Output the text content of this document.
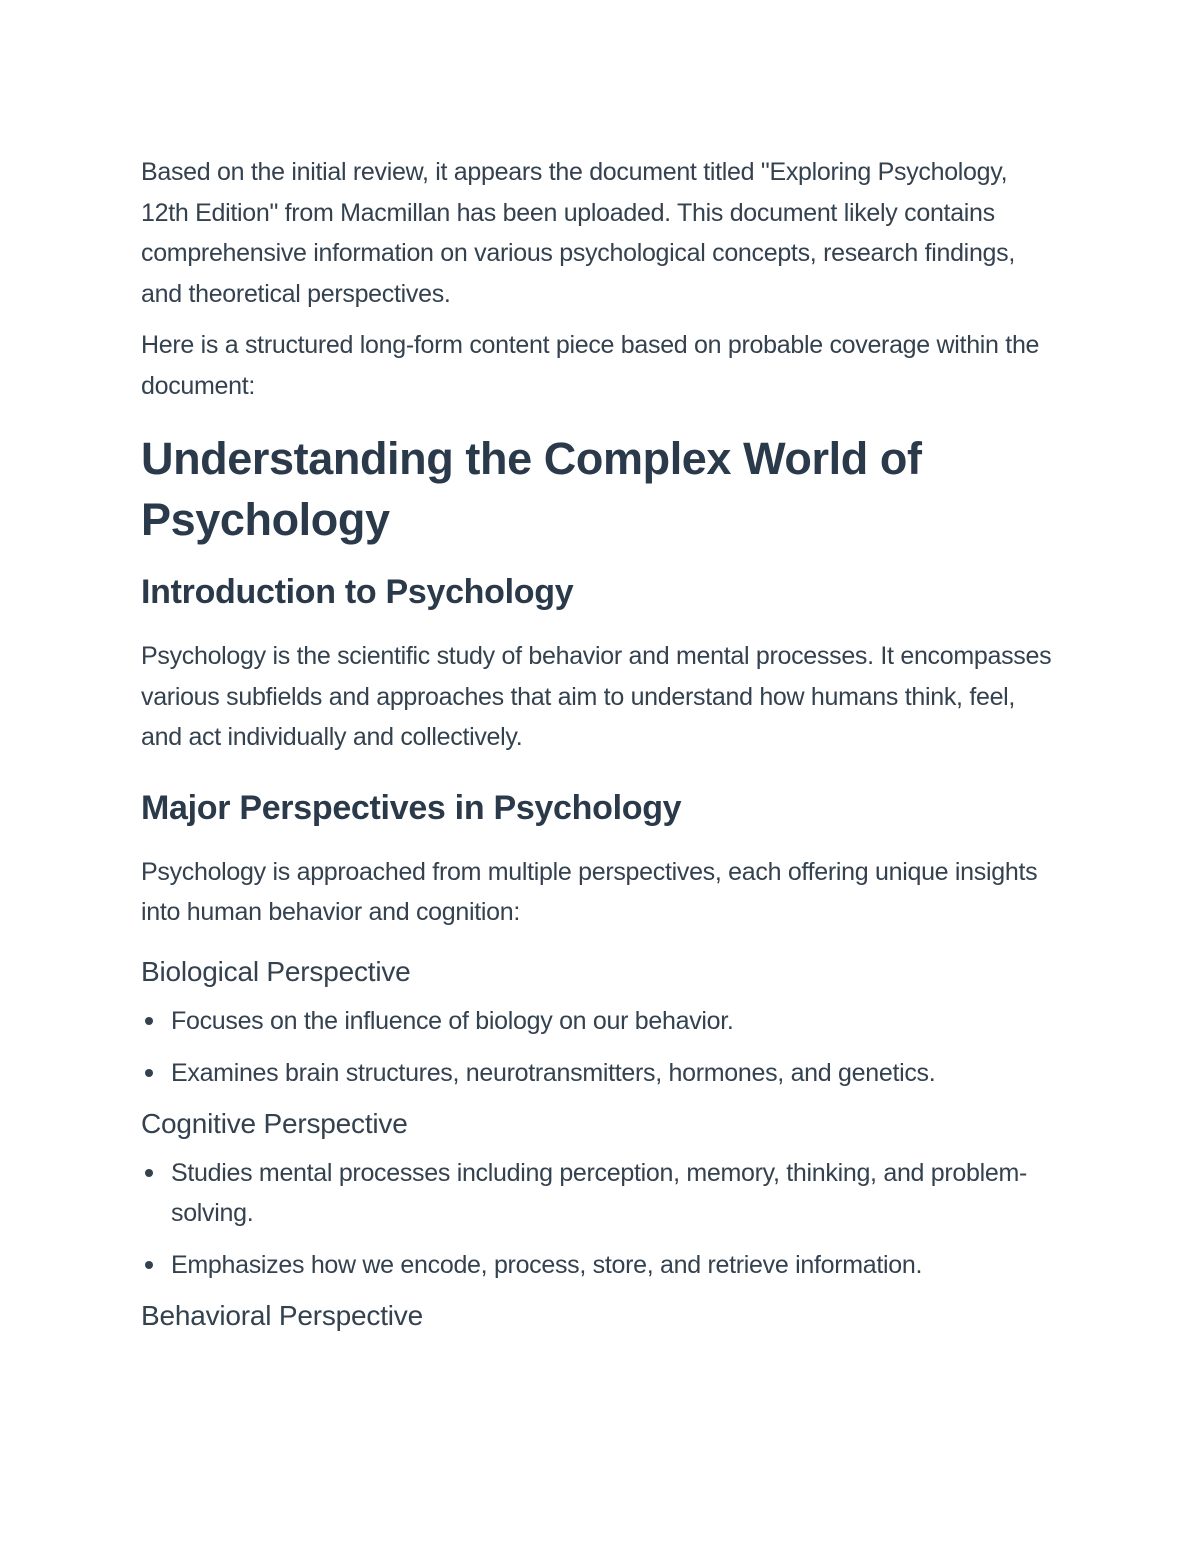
Based on the initial review, it appears the document titled "Exploring Psychology, 12th Edition" from Macmillan has been uploaded. This document likely contains comprehensive information on various psychological concepts, research findings, and theoretical perspectives.

Here is a structured long-form content piece based on probable coverage within the document:

Understanding the Complex World of Psychology
Introduction to Psychology

Psychology is the scientific study of behavior and mental processes. It encompasses various subfields and approaches that aim to understand how humans think, feel, and act individually and collectively.

Major Perspectives in Psychology

Psychology is approached from multiple perspectives, each offering unique insights into human behavior and cognition:

Biological Perspective
Focuses on the influence of biology on our behavior.
Examines brain structures, neurotransmitters, hormones, and genetics.
Cognitive Perspective
Studies mental processes including perception, memory, thinking, and problem-solving.
Emphasizes how we encode, process, store, and retrieve information.
Behavioral Perspective
